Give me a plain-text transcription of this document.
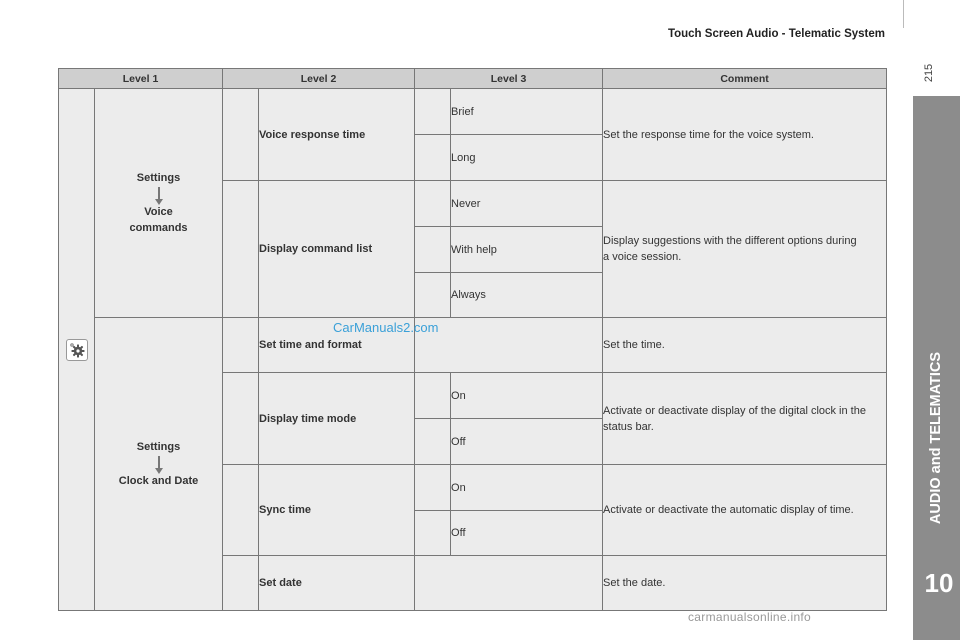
Touch Screen Audio - Telematic System
215
AUDIO and TELEMATICS
10
Level 1		Level 2		Level 3		Comment

Settings
Voice commands		Voice response time		Brief	Set the response time for the voice system.
					Long	
			Display command list		Never	Display suggestions with the different options during a voice session.

					With help	
					Always	

	Settings
Clock and Date		Set time and format			Set the time.
			Display time mode		On	Activate or deactivate display of the digital clock in the status bar.

					Off	
			Sync time		On	Activate or deactivate the automatic display of time.

					Off	
			Set date			Set the date.
CarManuals2.com
carmanualsonline.info
